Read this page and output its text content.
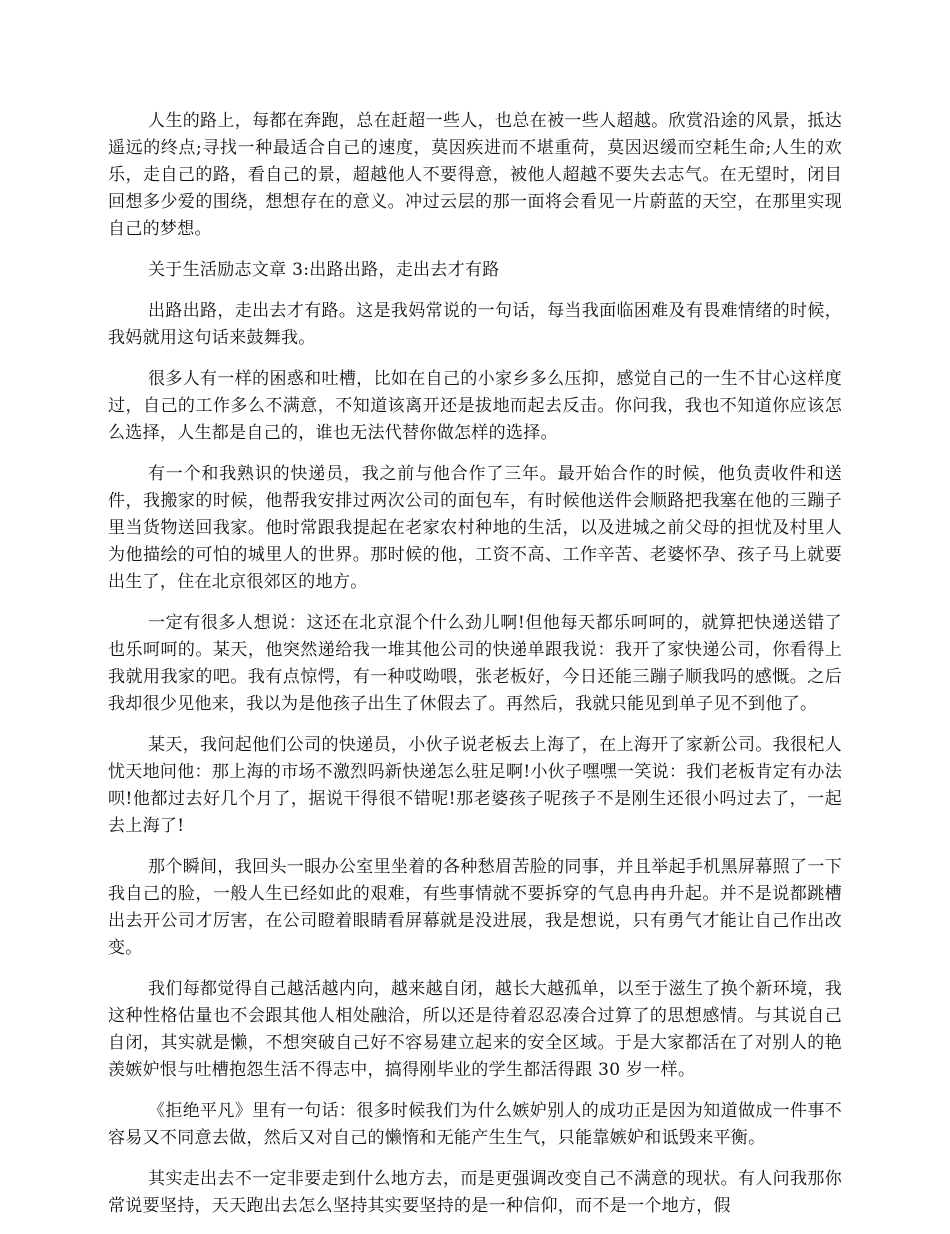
人生的路上，每都在奔跑，总在赶超一些人，也总在被一些人超越。欣赏沿途的风景，抵达遥远的终点;寻找一种最适合自己的速度，莫因疾进而不堪重荷，莫因迟缓而空耗生命;人生的欢乐，走自己的路，看自己的景，超越他人不要得意，被他人超越不要失去志气。在无望时，闭目回想多少爱的围绕，想想存在的意义。冲过云层的那一面将会看见一片蔚蓝的天空，在那里实现自己的梦想。

关于生活励志文章 3:出路出路，走出去才有路

出路出路，走出去才有路。这是我妈常说的一句话，每当我面临困难及有畏难情绪的时候，我妈就用这句话来鼓舞我。

很多人有一样的困惑和吐槽，比如在自己的小家乡多么压抑，感觉自己的一生不甘心这样度过，自己的工作多么不满意，不知道该离开还是拔地而起去反击。你问我，我也不知道你应该怎么选择，人生都是自己的，谁也无法代替你做怎样的选择。

有一个和我熟识的快递员，我之前与他合作了三年。最开始合作的时候，他负责收件和送件，我搬家的时候，他帮我安排过两次公司的面包车，有时候他送件会顺路把我塞在他的三蹦子里当货物送回我家。他时常跟我提起在老家农村种地的生活，以及进城之前父母的担忧及村里人为他描绘的可怕的城里人的世界。那时候的他，工资不高、工作辛苦、老婆怀孕、孩子马上就要出生了，住在北京很郊区的地方。

一定有很多人想说：这还在北京混个什么劲儿啊!但他每天都乐呵呵的，就算把快递送错了也乐呵呵的。某天，他突然递给我一堆其他公司的快递单跟我说：我开了家快递公司，你看得上我就用我家的吧。我有点惊愕，有一种哎呦喂，张老板好，今日还能三蹦子顺我吗的感慨。之后我却很少见他来，我以为是他孩子出生了休假去了。再然后，我就只能见到单子见不到他了。

某天，我问起他们公司的快递员，小伙子说老板去上海了，在上海开了家新公司。我很杞人忧天地问他：那上海的市场不激烈吗新快递怎么驻足啊!小伙子嘿嘿一笑说：我们老板肯定有办法呗!他都过去好几个月了，据说干得很不错呢!那老婆孩子呢孩子不是刚生还很小吗过去了，一起去上海了!

那个瞬间，我回头一眼办公室里坐着的各种愁眉苦脸的同事，并且举起手机黑屏幕照了一下我自己的脸，一般人生已经如此的艰难，有些事情就不要拆穿的气息冉冉升起。并不是说都跳槽出去开公司才厉害，在公司瞪着眼睛看屏幕就是没进展，我是想说，只有勇气才能让自己作出改变。

我们每都觉得自己越活越内向，越来越自闭，越长大越孤单，以至于滋生了换个新环境，我这种性格估量也不会跟其他人相处融洽，所以还是待着忍忍凑合过算了的思想感情。与其说自己自闭，其实就是懒，不想突破自己好不容易建立起来的安全区域。于是大家都活在了对别人的艳羡嫉妒恨与吐槽抱怨生活不得志中，搞得刚毕业的学生都活得跟 30 岁一样。

《拒绝平凡》里有一句话：很多时候我们为什么嫉妒别人的成功正是因为知道做成一件事不容易又不同意去做，然后又对自己的懒惰和无能产生生气，只能靠嫉妒和诋毁来平衡。

其实走出去不一定非要走到什么地方去，而是更强调改变自己不满意的现状。有人问我那你常说要坚持，天天跑出去怎么坚持其实要坚持的是一种信仰，而不是一个地方，假
